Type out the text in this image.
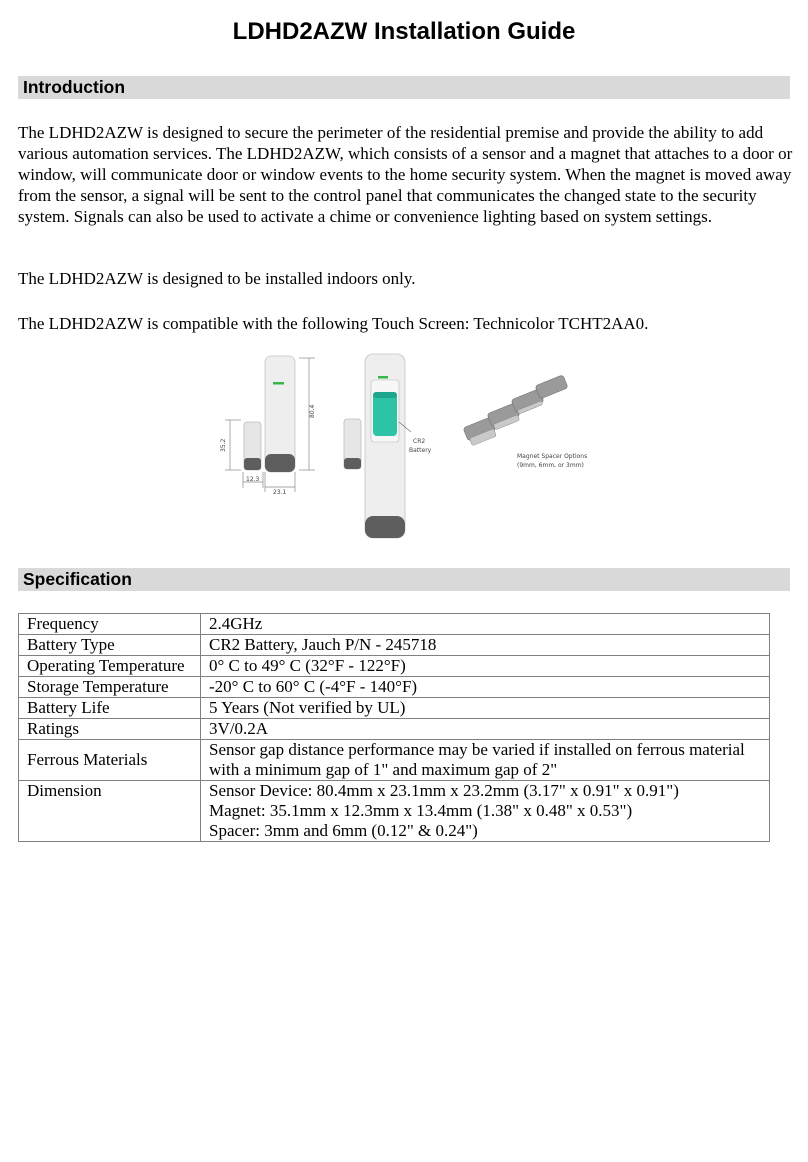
LDHD2AZW Installation Guide
Introduction

The LDHD2AZW is designed to secure the perimeter of the residential premise and provide the ability to add various automation services. The LDHD2AZW, which consists of a sensor and a magnet that attaches to a door or window, will communicate door or window events to the home security system. When the magnet is moved away from the sensor, a signal will be sent to the control panel that communicates the changed state to the security system. Signals can also be used to activate a chime or convenience lighting based on system settings.

The LDHD2AZW is designed to be installed indoors only.

The LDHD2AZW is compatible with the following Touch Screen: Technicolor TCHT2AA0.

80.4
35.2
12.3
23.1
CR2
Battery
Magnet Spacer Options
(9mm, 6mm, or 3mm)
Specification
Frequency	2.4GHz
Battery Type	CR2 Battery, Jauch P/N - 245718
Operating Temperature	0° C to 49° C (32°F - 122°F)
Storage Temperature	-20° C to 60° C (-4°F - 140°F)
Battery Life	5 Years (Not verified by UL)
Ratings	3V/0.2A
Ferrous Materials	Sensor gap distance performance may be varied if installed on ferrous material with a minimum gap of 1" and maximum gap of 2"
Dimension	Sensor Device: 80.4mm x 23.1mm x 23.2mm (3.17" x 0.91" x 0.91")
Magnet: 35.1mm x 12.3mm x 13.4mm (1.38" x 0.48" x 0.53")
Spacer: 3mm and 6mm (0.12" & 0.24")
